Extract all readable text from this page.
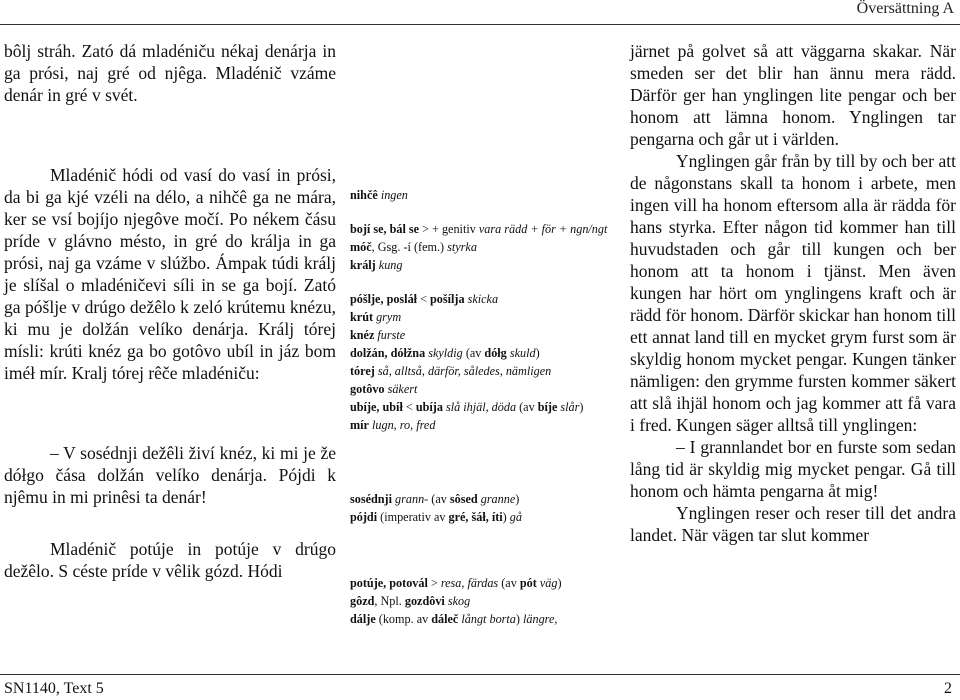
Översättning A

bôlj stráh. Zató dá mladéniču nékaj denárja in ga prósi, naj gré od njêga. Mladénič vzáme denár in gré v svét.

Mladénič hódi od vasí do vasí in prósi, da bi ga kjé vzéli na délo, a nihčê ga ne mára, ker se vsí bojíjo njegôve močí. Po nékem čásu príde v glávno mésto, in gré do králja in ga prósi, naj ga vzáme v slúžbo. Ámpak túdi králj je slíšal o mladéničevi síli in se ga bojí. Zató ga póšlje v drúgo dežêlo k zeló krútemu knézu, ki mu je dolžán velíko denárja. Králj tórej mísli: krúti knéz ga bo gotôvo ubíl in jáz bom iméł mír. Kralj tórej rêče mladéniču:

– V sosédnji dežêli živí knéz, ki mi je že dółgo čása dolžán velíko denárja. Pójdi k njêmu in mi prinêsi ta denár!

Mladénič potúje in potúje v drúgo dežêlo. S céste príde v vêlik gózd. Hódi

nihčê ingen

bojí se, bál se > + genitiv vara rädd + för + ngn/ngt

móč, Gsg. -í (fem.) styrka

králj kung

póšlje, posláł < pošílja skicka

krút grym

knéz furste

dolžán, dółžna skyldig (av dółg skuld)

tórej så, alltså, därför, således, nämligen

gotôvo säkert

ubíje, ubíł < ubíja slå ihjäl, döda (av bíje slår)

mír lugn, ro, fred

sosédnji grann- (av sôsed granne)

pójdi (imperativ av gré, šáł, íti) gå

potúje, potovál > resa, färdas (av pót väg)

gôzd, Npl. gozdôvi skog

dálje (komp. av dáleč långt borta) längre,

järnet på golvet så att väggarna skakar. När smeden ser det blir han ännu mera rädd. Därför ger han ynglingen lite pengar och ber honom att lämna honom. Ynglingen tar pengarna och går ut i världen.

Ynglingen går från by till by och ber att de någonstans skall ta honom i arbete, men ingen vill ha honom eftersom alla är rädda för hans styrka. Efter någon tid kommer han till huvudstaden och går till kungen och ber honom att ta honom i tjänst. Men även kungen har hört om ynglingens kraft och är rädd för honom. Därför skickar han honom till ett annat land till en mycket grym furst som är skyldig honom mycket pengar. Kungen tänker nämligen: den grymme fursten kommer säkert att slå ihjäl honom och jag kommer att få vara i fred. Kungen säger alltså till ynglingen:

– I grannlandet bor en furste som sedan lång tid är skyldig mig mycket pengar. Gå till honom och hämta pengarna åt mig!

Ynglingen reser och reser till det andra landet. När vägen tar slut kommer

SN1140, Text 5	2
